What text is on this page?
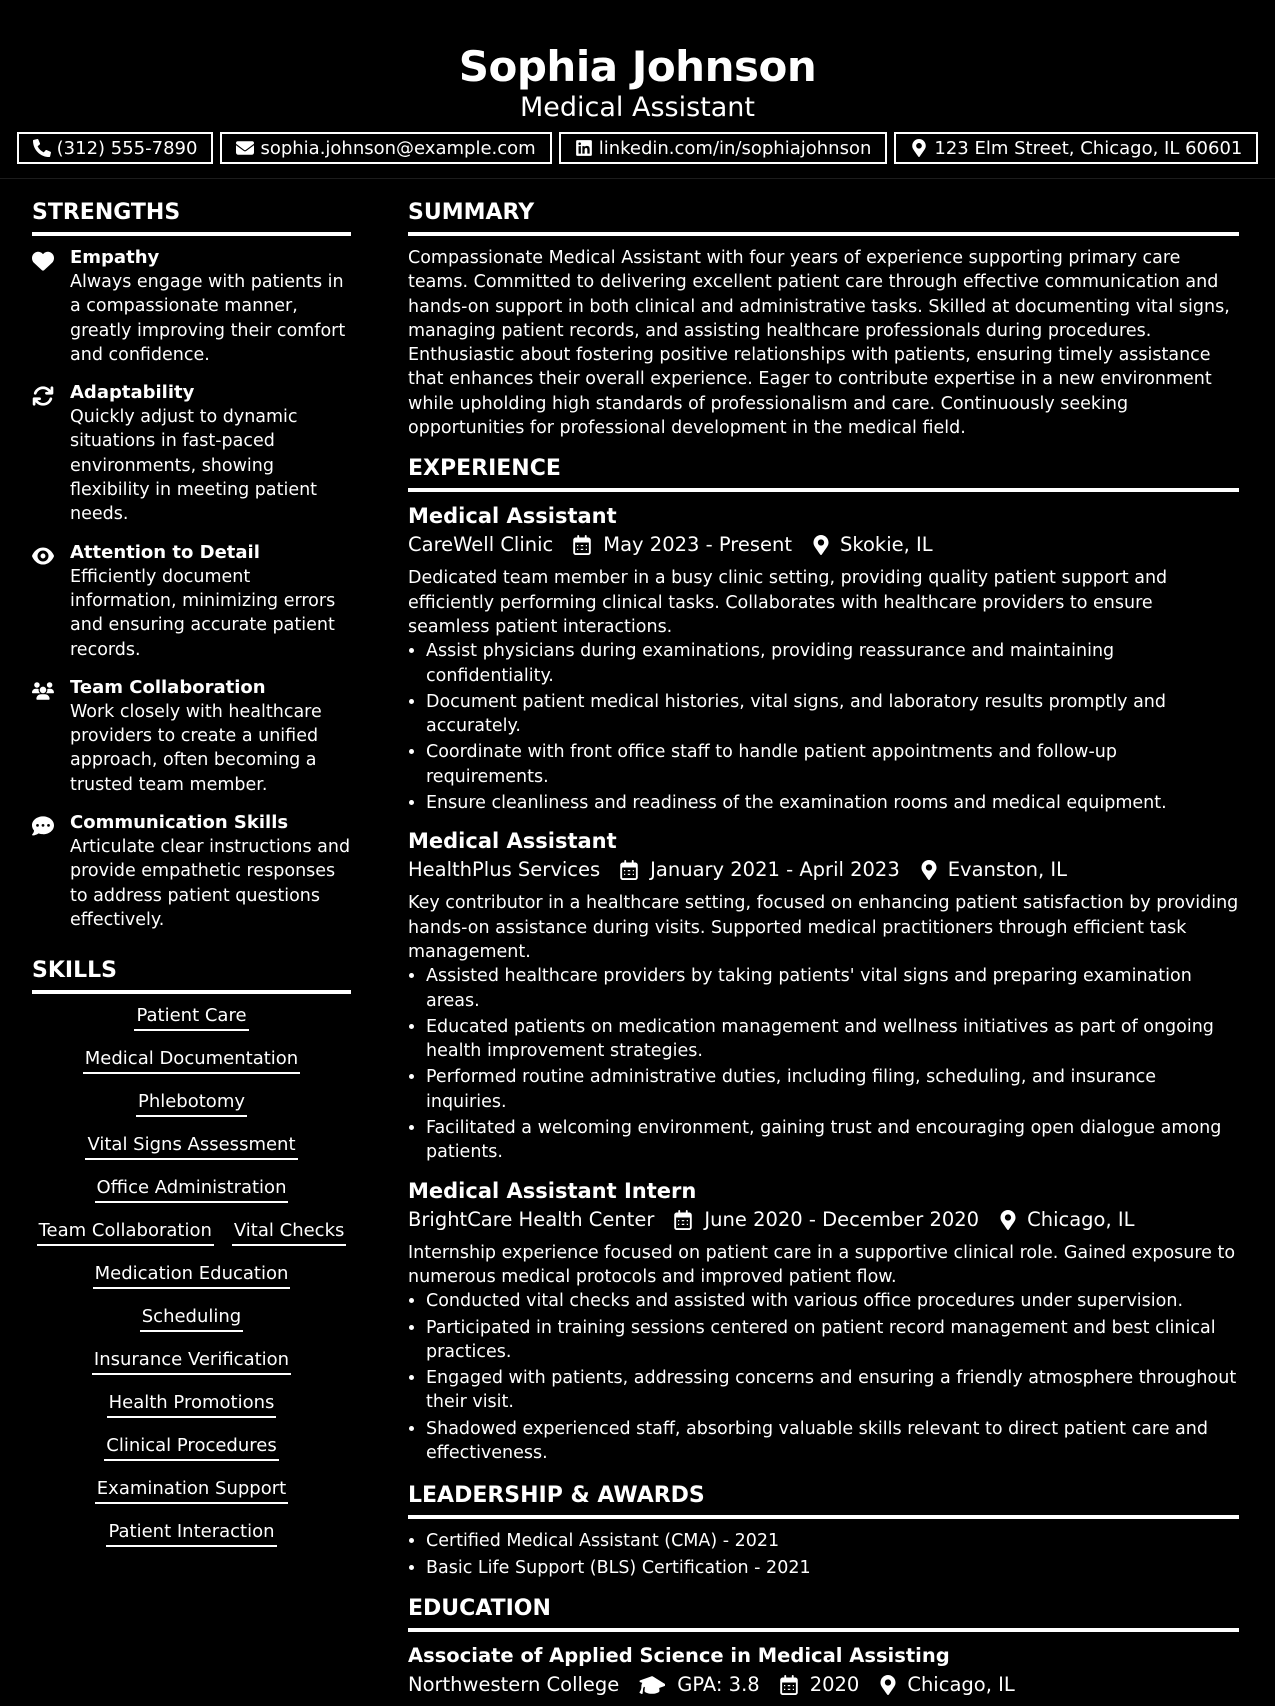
Sophia Johnson
Medical Assistant
(312) 555-7890	sophia.johnson@example.com	linkedin.com/in/sophiajohnson	123 Elm Street, Chicago, IL 60601
STRENGTHS
Empathy
Always engage with patients in a compassionate manner, greatly improving their comfort and confidence.
Adaptability
Quickly adjust to dynamic situations in fast-paced environments, showing flexibility in meeting patient needs.
Attention to Detail
Efficiently document information, minimizing errors and ensuring accurate patient records.
Team Collaboration
Work closely with healthcare providers to create a unified approach, often becoming a trusted team member.
Communication Skills
Articulate clear instructions and provide empathetic responses to address patient questions effectively.
SKILLS
Patient Care
Medical Documentation
Phlebotomy
Vital Signs Assessment
Office Administration
Team Collaboration Vital Checks
Medication Education
Scheduling
Insurance Verification
Health Promotions
Clinical Procedures
Examination Support
Patient Interaction
SUMMARY
Compassionate Medical Assistant with four years of experience supporting primary care teams. Committed to delivering excellent patient care through effective communication and hands-on support in both clinical and administrative tasks. Skilled at documenting vital signs, managing patient records, and assisting healthcare professionals during procedures. Enthusiastic about fostering positive relationships with patients, ensuring timely assistance that enhances their overall experience. Eager to contribute expertise in a new environment while upholding high standards of professionalism and care. Continuously seeking opportunities for professional development in the medical field.
EXPERIENCE
Medical Assistant
CareWell Clinic	May 2023 - Present Skokie, IL
Dedicated team member in a busy clinic setting, providing quality patient support and efficiently performing clinical tasks. Collaborates with healthcare providers to ensure seamless patient interactions.
• Assist physicians during examinations, providing reassurance and maintaining confidentiality.
• Document patient medical histories, vital signs, and laboratory results promptly and accurately.
• Coordinate with front office staff to handle patient appointments and follow-up requirements.
• Ensure cleanliness and readiness of the examination rooms and medical equipment.
Medical Assistant
HealthPlus Services	January 2021 - April 2023 Evanston, IL
Key contributor in a healthcare setting, focused on enhancing patient satisfaction by providing hands-on assistance during visits. Supported medical practitioners through efficient task management.
• Assisted healthcare providers by taking patients' vital signs and preparing examination areas.
• Educated patients on medication management and wellness initiatives as part of ongoing health improvement strategies.
• Performed routine administrative duties, including filing, scheduling, and insurance inquiries.
• Facilitated a welcoming environment, gaining trust and encouraging open dialogue among patients.
Medical Assistant Intern
BrightCare Health Center	June 2020 - December 2020 Chicago, IL
Internship experience focused on patient care in a supportive clinical role. Gained exposure to numerous medical protocols and improved patient flow.
• Conducted vital checks and assisted with various office procedures under supervision.
• Participated in training sessions centered on patient record management and best clinical practices.
• Engaged with patients, addressing concerns and ensuring a friendly atmosphere throughout their visit.
• Shadowed experienced staff, absorbing valuable skills relevant to direct patient care and effectiveness.
LEADERSHIP & AWARDS
• Certified Medical Assistant (CMA) - 2021
• Basic Life Support (BLS) Certification - 2021
EDUCATION
Associate of Applied Science in Medical Assisting
Northwestern College	GPA: 3.8	2020 Chicago, IL
